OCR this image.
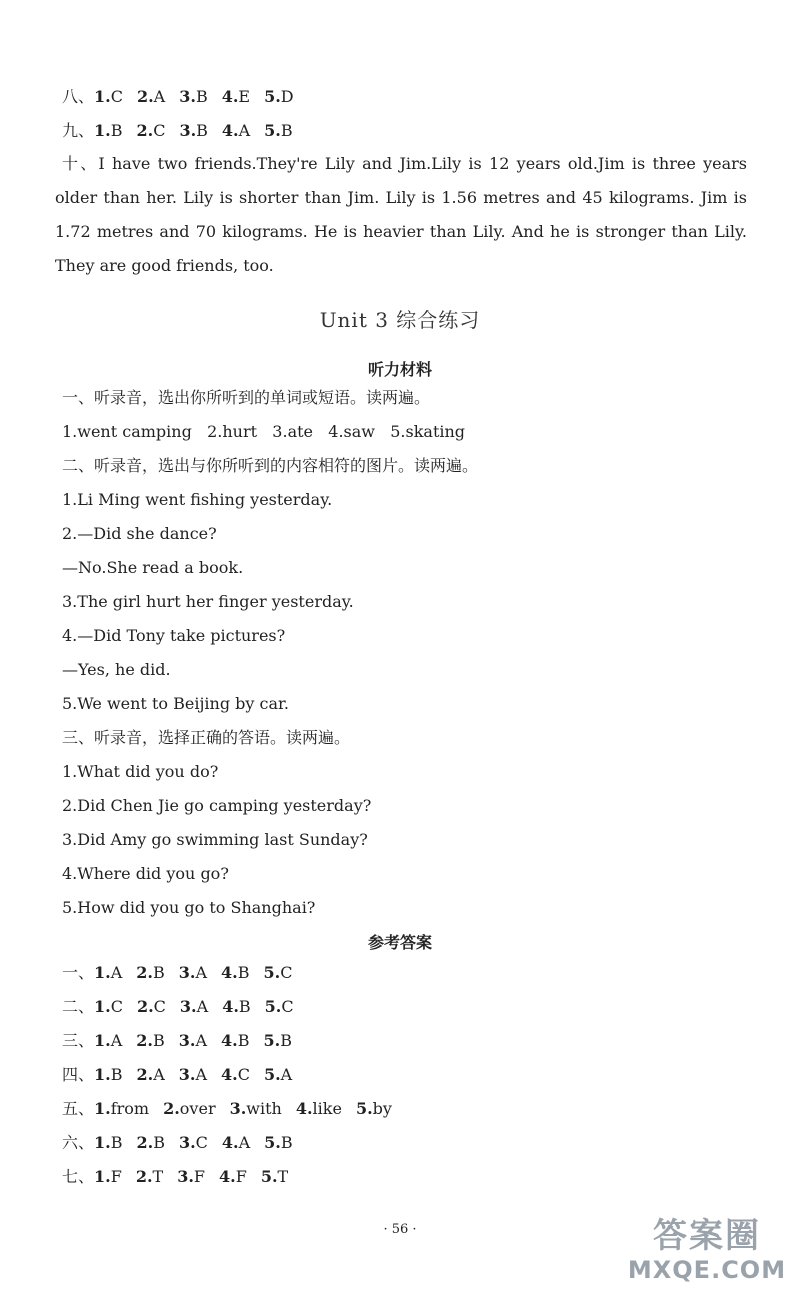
八、1.C 2.A 3.B 4.E 5.D
九、1.B 2.C 3.B 4.A 5.B
十、I have two friends.They're Lily and Jim.Lily is 12 years old.Jim is three years older than her. Lily is shorter than Jim. Lily is 1.56 metres and 45 kilograms. Jim is 1.72 metres and 70 kilograms. He is heavier than Lily. And he is stronger than Lily. They are good friends, too.
Unit 3 综合练习
听力材料
一、听录音，选出你所听到的单词或短语。读两遍。
1.went camping   2.hurt   3.ate   4.saw   5.skating
二、听录音，选出与你所听到的内容相符的图片。读两遍。
1.Li Ming went fishing yesterday.
2.—Did she dance?
—No.She read a book.
3.The girl hurt her finger yesterday.
4.—Did Tony take pictures?
—Yes, he did.
5.We went to Beijing by car.
三、听录音，选择正确的答语。读两遍。
1.What did you do?
2.Did Chen Jie go camping yesterday?
3.Did Amy go swimming last Sunday?
4.Where did you go?
5.How did you go to Shanghai?
参考答案
一、1.A 2.B 3.A 4.B 5.C
二、1.C 2.C 3.A 4.B 5.C
三、1.A 2.B 3.A 4.B 5.B
四、1.B 2.A 3.A 4.C 5.A
五、1.from 2.over 3.with 4.like 5.by
六、1.B 2.B 3.C 4.A 5.B
七、1.F 2.T 3.F 4.F 5.T
· 56 ·	答案圈
MXQE.COM
